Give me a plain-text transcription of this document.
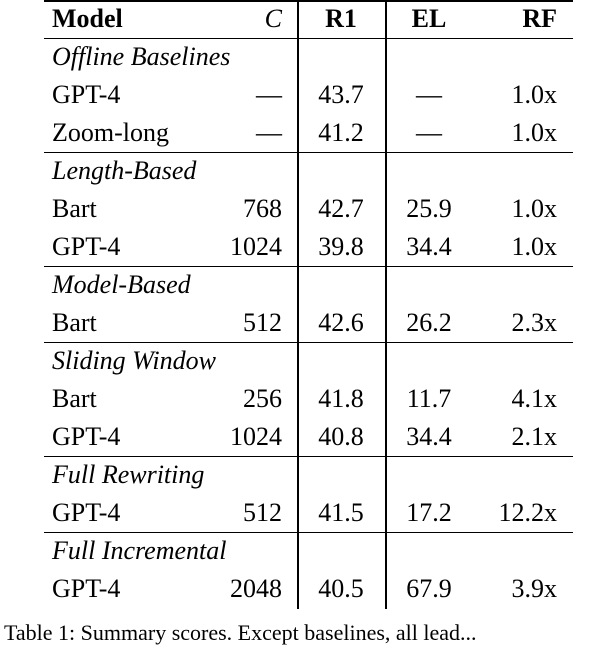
Model	C	R1	EL	RF
Offline Baselines
GPT-4	—	43.7	—	1.0x
Zoom-long	—	41.2	—	1.0x
Length-Based
Bart	768	42.7	25.9	1.0x
GPT-4	1024	39.8	34.4	1.0x
Model-Based
Bart	512	42.6	26.2	2.3x
Sliding Window
Bart	256	41.8	11.7	4.1x
GPT-4	1024	40.8	34.4	2.1x
Full Rewriting
GPT-4	512	41.5	17.2	12.2x
Full Incremental
GPT-4	2048	40.5	67.9	3.9x
Table 1: Summary scores. Except baselines, all lead...
